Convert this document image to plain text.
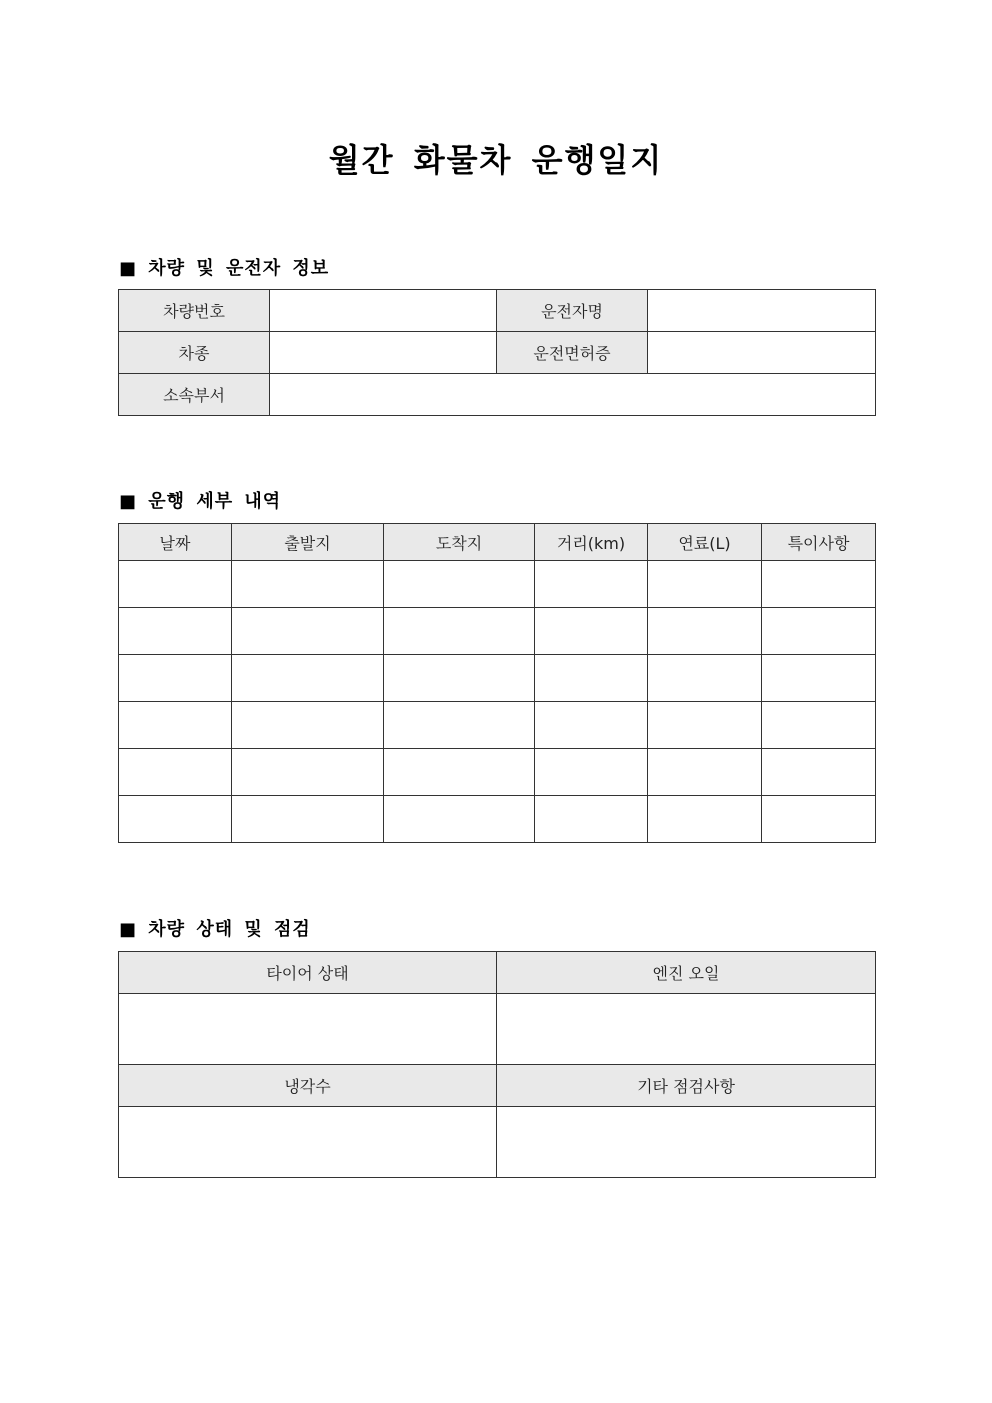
월간 화물차 운행일지
■ 차량 및 운전자 정보
차량번호		운전자명	
차종		운전면허증	
소속부서			
■ 운행 세부 내역
날짜	출발지	도착지	거리(km)	연료(L)	특이사항

■ 차량 상태 및 점검
타이어 상태	엔진 오일

냉각수	기타 점검사항
